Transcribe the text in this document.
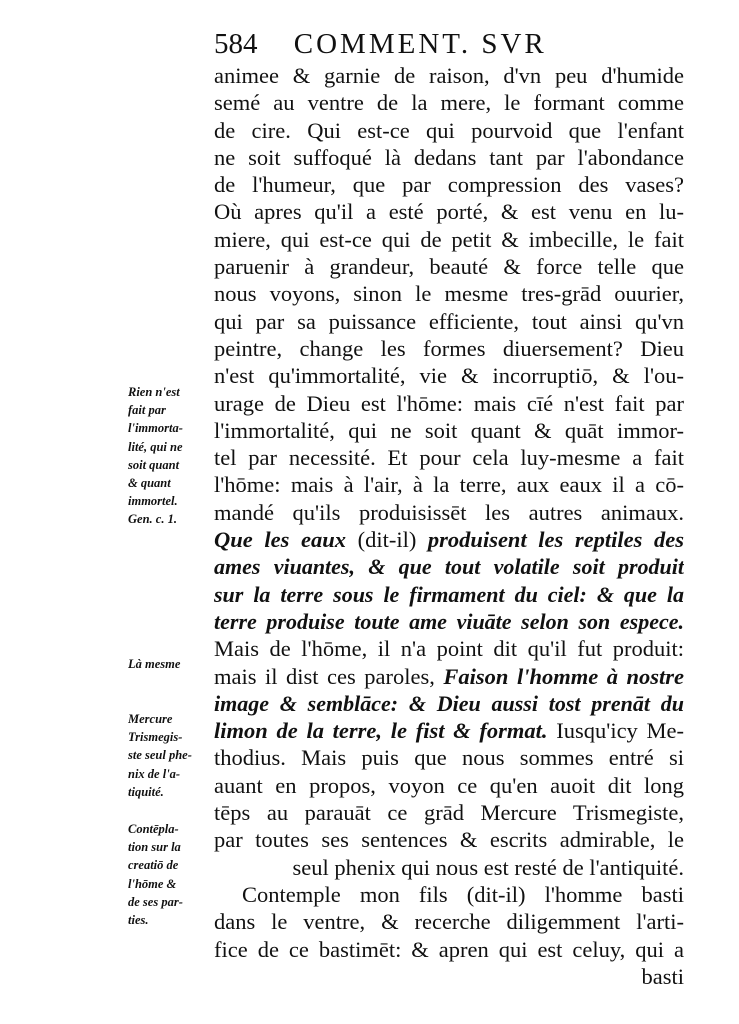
584 COMMENT. SVR
animee & garnie de raison, d'vn peu d'humide
semé au ventre de la mere, le formant comme
de cire. Qui est-ce qui pourvoid que l'enfant
ne soit suffoqué là dedans tant par l'abondance
de l'humeur, que par compression des vases?
Où apres qu'il a esté porté, & est venu en lu-
miere, qui est-ce qui de petit & imbecille, le fait
paruenir à grandeur, beauté & force telle que
nous voyons, sinon le mesme tres-grād ouurier,
qui par sa puissance efficiente, tout ainsi qu'vn
peintre, change les formes diuersement? Dieu
n'est qu'immortalité, vie & incorruptiō, & l'ou-
urage de Dieu est l'hōme: mais cīé n'est fait par
l'immortalité, qui ne soit quant & quāt immor-
tel par necessité. Et pour cela luy-mesme a fait
l'hōme: mais à l'air, à la terre, aux eaux il a cō-
mandé qu'ils produisissēt les autres animaux.
Que les eaux (dit-il) produisent les reptiles des
ames viuantes, & que tout volatile soit produit
sur la terre sous le firmament du ciel: & que la
terre produise toute ame viuāte selon son espece.
Mais de l'hōme, il n'a point dit qu'il fut produit:
mais il dist ces paroles, Faison l'homme à nostre
image & semblāce: & Dieu aussi tost prenāt du
limon de la terre, le fist & format. Iusqu'icy Me-
thodius. Mais puis que nous sommes entré si
auant en propos, voyon ce qu'en auoit dit long
tēps au parauāt ce grād Mercure Trismegiste,
par toutes ses sentences & escrits admirable, le
seul phenix qui nous est resté de l'antiquité.
Contemple mon fils (dit-il) l'homme basti
dans le ventre, & recerche diligemment l'arti-
fice de ce bastimēt: & apren qui est celuy, qui a
basti
Rien n'est
fait par
l'immorta-
lité, qui ne
soit quant
& quant
immortel.
Gen. c. 1.
Là mesme
Mercure
Trismegis-
ste seul phe-
nix de l'a-
tiquité.
Contēpla-
tion sur la
creatiō de
l'hōme &
de ses par-
ties.
